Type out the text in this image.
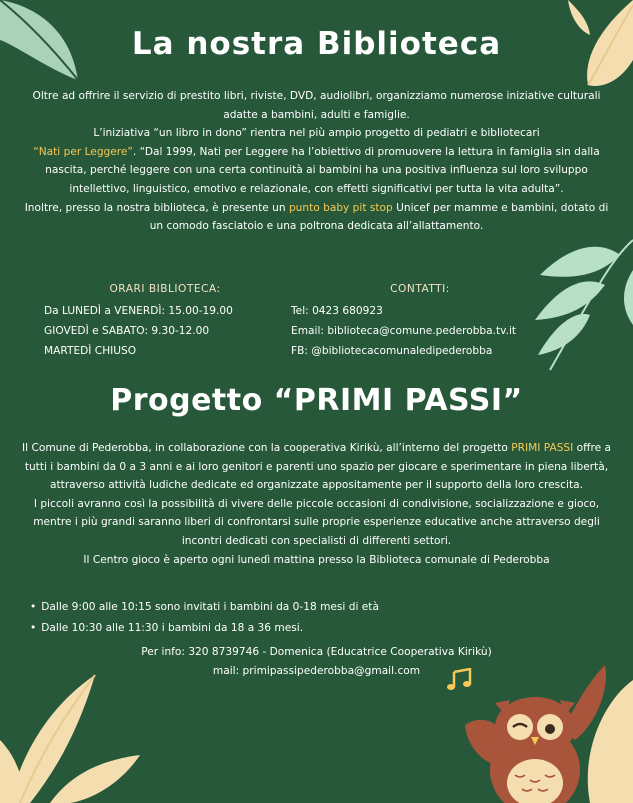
La nostra Biblioteca

Oltre ad offrire il servizio di prestito libri, riviste, DVD, audiolibri, organizziamo numerose iniziative culturali adatte a bambini, adulti e famiglie.

L’iniziativa “un libro in dono” rientra nel più ampio progetto di pediatri e bibliotecari
“Nati per Leggere”. “Dal 1999, Nati per Leggere ha l’obiettivo di promuovere la lettura in famiglia sin dalla nascita, perché leggere con una certa continuità ai bambini ha una positiva influenza sul loro sviluppo intellettivo, linguistico, emotivo e relazionale, con effetti significativi per tutta la vita adulta”.

Inoltre, presso la nostra biblioteca, è presente un punto baby pit stop Unicef per mamme e bambini, dotato di un comodo fasciatoio e una poltrona dedicata all’allattamento.

ORARI BIBLIOTECA:	CONTATTI:
Da LUNEDÌ a VENERDÌ: 15.00-19.00
GIOVEDÌ e SABATO: 9.30-12.00
MARTEDÌ CHIUSO
Tel: 0423 680923
Email: biblioteca@comune.pederobba.tv.it
FB: @bibliotecacomunaledipederobba
Progetto “PRIMI PASSI”

Il Comune di Pederobba, in collaborazione con la cooperativa Kirikù, all’interno del progetto PRIMI PASSI offre a tutti i bambini da 0 a 3 anni e ai loro genitori e parenti uno spazio per giocare e sperimentare in piena libertà, attraverso attività ludiche dedicate ed organizzate appositamente per il supporto della loro crescita.

I piccoli avranno così la possibilità di vivere delle piccole occasioni di condivisione, socializzazione e gioco, mentre i più grandi saranno liberi di confrontarsi sulle proprie esperienze educative anche attraverso degli incontri dedicati con specialisti di differenti settori.

Il Centro gioco è aperto ogni lunedì mattina presso la Biblioteca comunale di Pederobba

• Dalle 9:00 alle 10:15 sono invitati i bambini da 0-18 mesi di età
• Dalle 10:30 alle 11:30 i bambini da 18 a 36 mesi.
Per info: 320 8739746 - Domenica (Educatrice Cooperativa Kirikù)
mail: primipassipederobba@gmail.com
